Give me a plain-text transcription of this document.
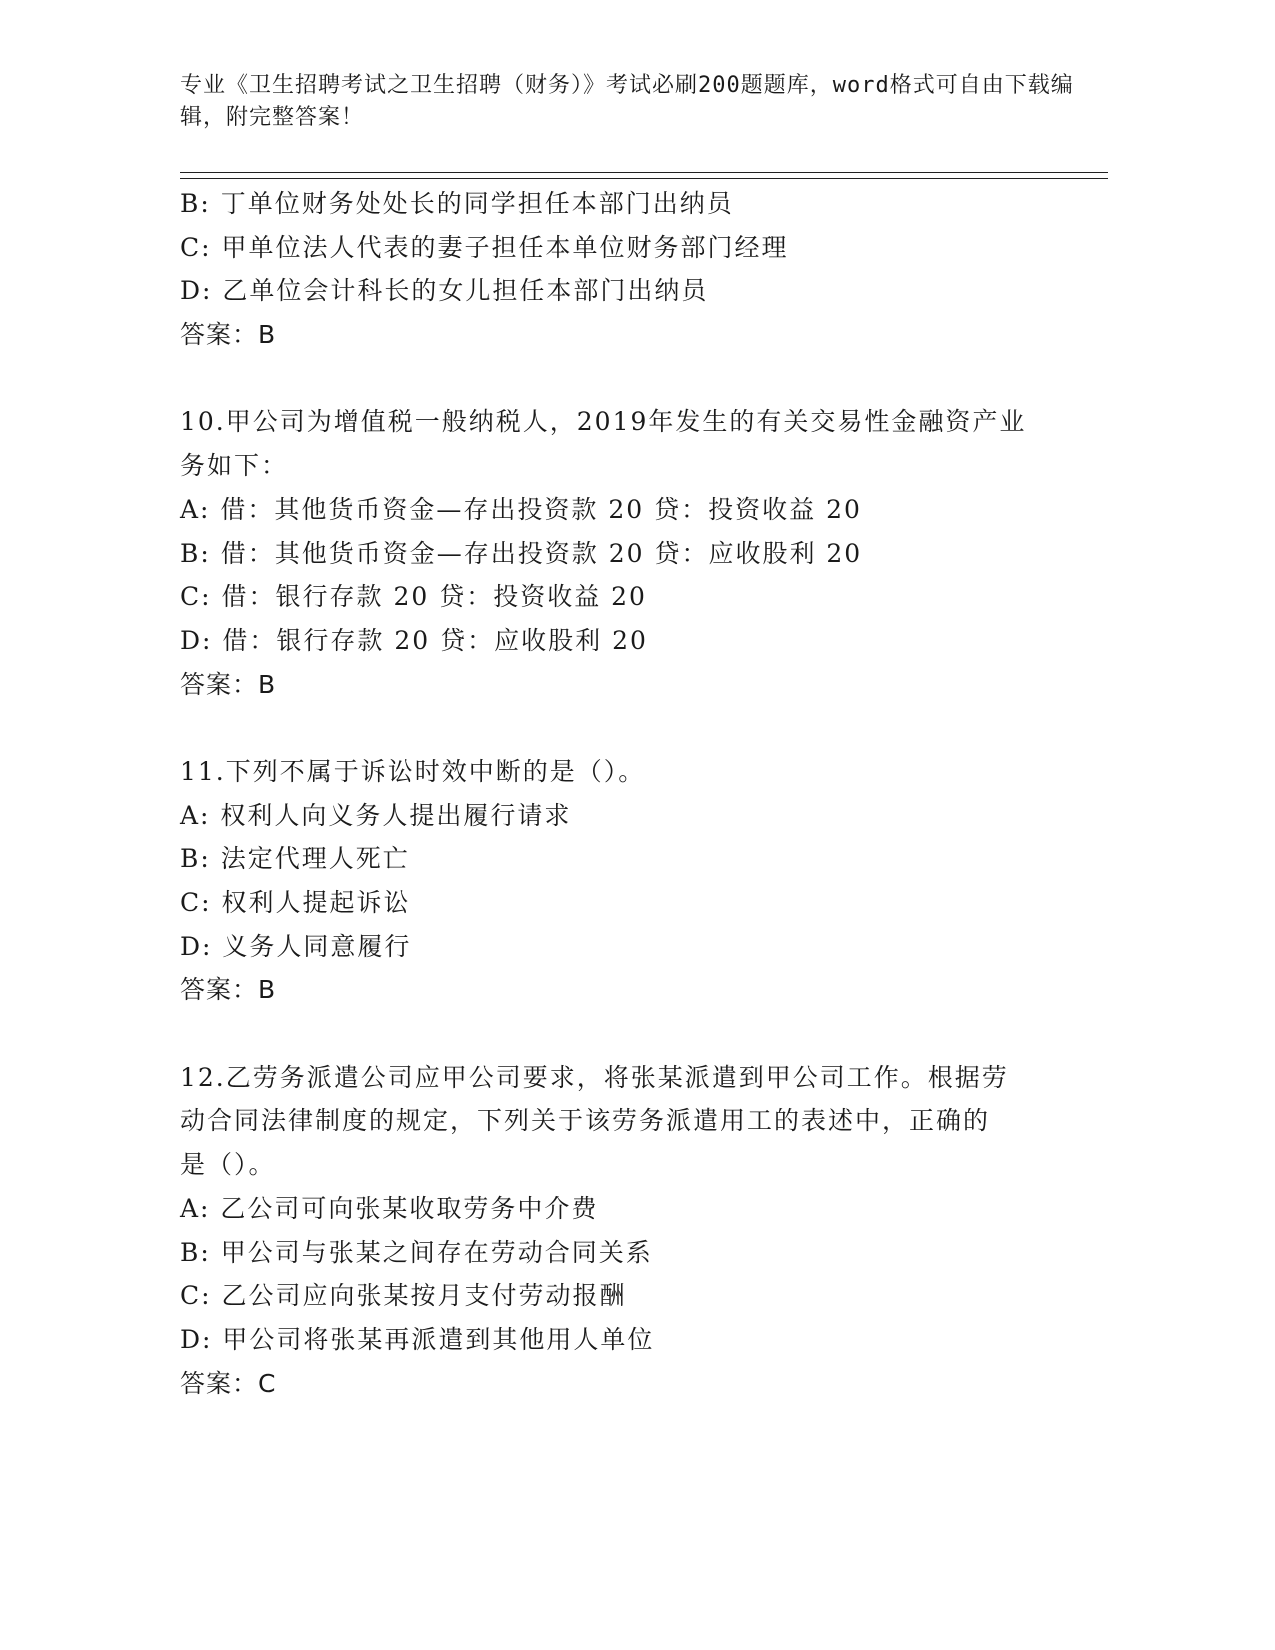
专业《卫生招聘考试之卫生招聘（财务）》考试必刷200题题库，word格式可自由下载编辑，附完整答案！
B: 丁单位财务处处长的同学担任本部门出纳员
C: 甲单位法人代表的妻子担任本单位财务部门经理
D: 乙单位会计科长的女儿担任本部门出纳员
答案：B
10.甲公司为增值税一般纳税人，2019年发生的有关交易性金融资产业
务如下：
A: 借：其他货币资金—存出投资款 20 贷：投资收益 20
B: 借：其他货币资金—存出投资款 20 贷：应收股利 20
C: 借：银行存款 20 贷：投资收益 20
D: 借：银行存款 20 贷：应收股利 20
答案：B
11.下列不属于诉讼时效中断的是（）。
A: 权利人向义务人提出履行请求
B: 法定代理人死亡
C: 权利人提起诉讼
D: 义务人同意履行
答案：B
12.乙劳务派遣公司应甲公司要求，将张某派遣到甲公司工作。根据劳
动合同法律制度的规定，下列关于该劳务派遣用工的表述中，正确的
是（）。
A: 乙公司可向张某收取劳务中介费
B: 甲公司与张某之间存在劳动合同关系
C: 乙公司应向张某按月支付劳动报酬
D: 甲公司将张某再派遣到其他用人单位
答案：C
